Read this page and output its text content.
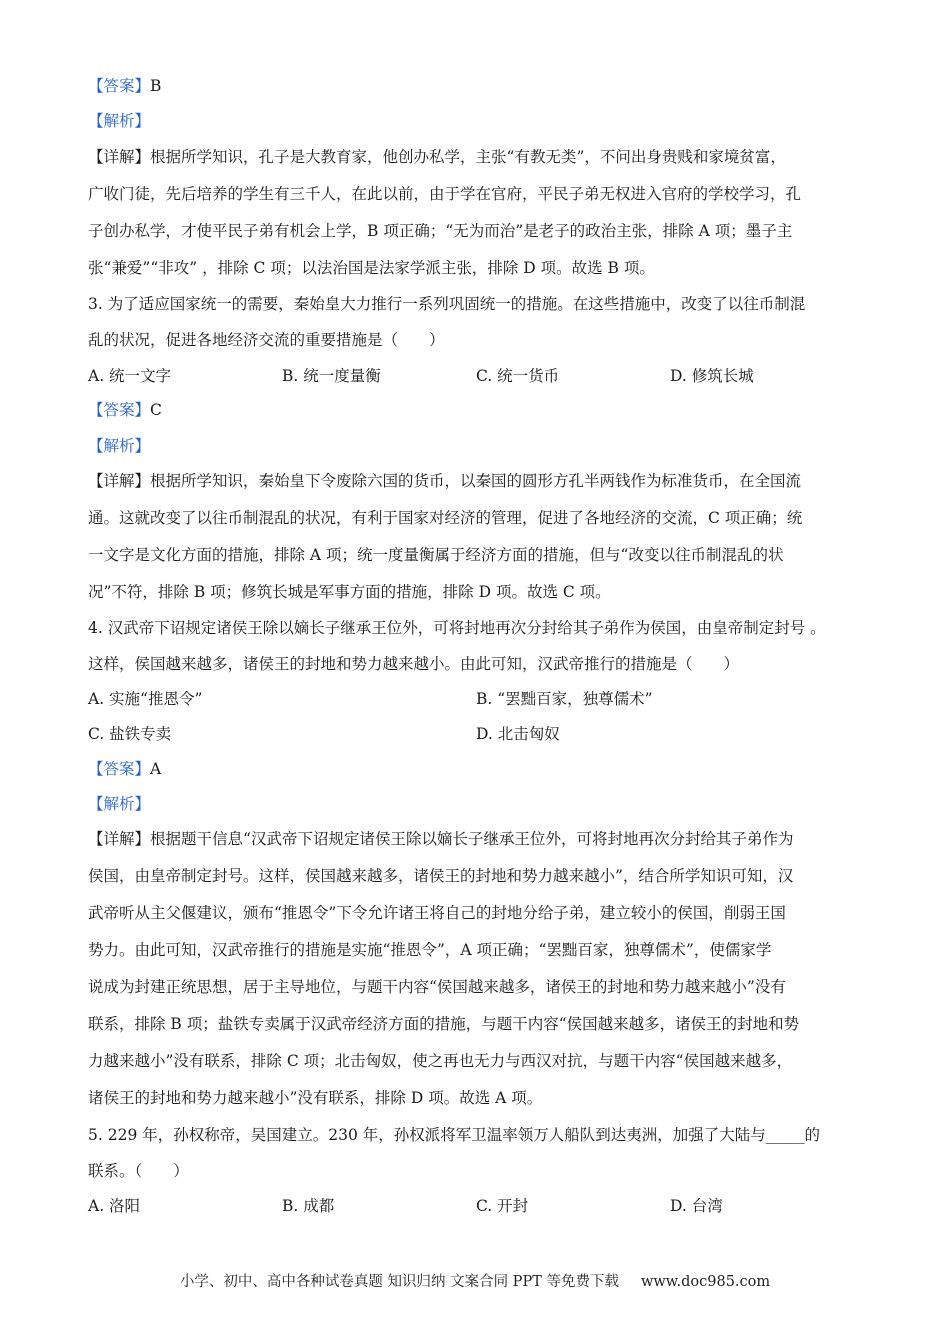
【答案】B
【解析】
【详解】根据所学知识，孔子是大教育家，他创办私学，主张“有教无类”，不问出身贵贱和家境贫富，
广收门徒，先后培养的学生有三千人，在此以前，由于学在官府，平民子弟无权进入官府的学校学习，孔
子创办私学，才使平民子弟有机会上学，B 项正确；“无为而治”是老子的政治主张，排除 A 项；墨子主
张“兼爱”“非攻” ，排除 C 项；以法治国是法家学派主张，排除 D 项。故选 B 项。
3. 为了适应国家统一的需要，秦始皇大力推行一系列巩固统一的措施。在这些措施中，改变了以往币制混
乱的状况，促进各地经济交流的重要措施是（　　）
A. 统一文字	B. 统一度量衡	C. 统一货币	D. 修筑长城
【答案】C
【解析】
【详解】根据所学知识，秦始皇下令废除六国的货币，以秦国的圆形方孔半两钱作为标准货币，在全国流
通。这就改变了以往币制混乱的状况，有利于国家对经济的管理，促进了各地经济的交流，C 项正确；统
一文字是文化方面的措施，排除 A 项；统一度量衡属于经济方面的措施，但与“改变以往币制混乱的状
况”不符，排除 B 项；修筑长城是军事方面的措施，排除 D 项。故选 C 项。
4. 汉武帝下诏规定诸侯王除以嫡长子继承王位外，可将封地再次分封给其子弟作为侯国，由皇帝制定封号 。
这样，侯国越来越多，诸侯王的封地和势力越来越小。由此可知，汉武帝推行的措施是（　　）
A. 实施“推恩令”	B. “罢黜百家，独尊儒术”
C. 盐铁专卖	D. 北击匈奴
【答案】A
【解析】
【详解】根据题干信息“汉武帝下诏规定诸侯王除以嫡长子继承王位外，可将封地再次分封给其子弟作为
侯国，由皇帝制定封号。这样，侯国越来越多，诸侯王的封地和势力越来越小”，结合所学知识可知，汉
武帝听从主父偃建议，颁布“推恩令”下令允许诸王将自己的封地分给子弟，建立较小的侯国，削弱王国
势力。由此可知，汉武帝推行的措施是实施“推恩令”，A 项正确；“罢黜百家，独尊儒术”，使儒家学
说成为封建正统思想，居于主导地位，与题干内容“侯国越来越多，诸侯王的封地和势力越来越小”没有
联系，排除 B 项；盐铁专卖属于汉武帝经济方面的措施，与题干内容“侯国越来越多，诸侯王的封地和势
力越来越小”没有联系，排除 C 项；北击匈奴，使之再也无力与西汉对抗，与题干内容“侯国越来越多，
诸侯王的封地和势力越来越小”没有联系，排除 D 项。故选 A 项。
5. 229 年，孙权称帝，吴国建立。230 年，孙权派将军卫温率领万人船队到达夷洲，加强了大陆与_____的
联系。（　　）
A. 洛阳	B. 成都	C. 开封	D. 台湾
小学、初中、高中各种试卷真题 知识归纳 文案合同 PPT 等免费下载 www.doc985.com
